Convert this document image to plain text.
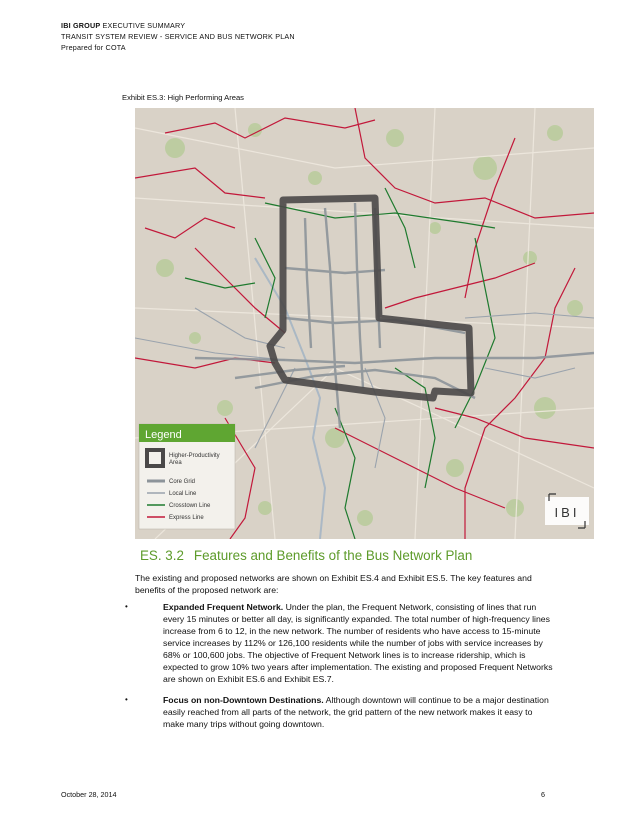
IBI GROUP EXECUTIVE SUMMARY
TRANSIT SYSTEM REVIEW - SERVICE AND BUS NETWORK PLAN
Prepared for COTA
Exhibit ES.3: High Performing Areas
Legend
Higher-Productivity
Area
Core Grid
Local Line
Crosstown Line
Express Line	IBI
ES. 3.2 Features and Benefits of the Bus Network Plan
The existing and proposed networks are shown on Exhibit ES.4 and Exhibit ES.5. The key features and benefits of the proposed network are:
•	Expanded Frequent Network. Under the plan, the Frequent Network, consisting of lines that run every 15 minutes or better all day, is significantly expanded. The total number of high-frequency lines increase from 6 to 12, in the new network. The number of residents who have access to 15-minute service increases by 112% or 126,100 residents while the number of jobs with service increases by 68% or 100,600 jobs. The objective of Frequent Network lines is to increase ridership, which is expected to grow 10% two years after implementation. The existing and proposed Frequent Networks are shown on Exhibit ES.6 and Exhibit ES.7.
•	Focus on non-Downtown Destinations. Although downtown will continue to be a major destination easily reached from all parts of the network, the grid pattern of the new network makes it easy to make many trips without going downtown.
October 28, 2014	6
